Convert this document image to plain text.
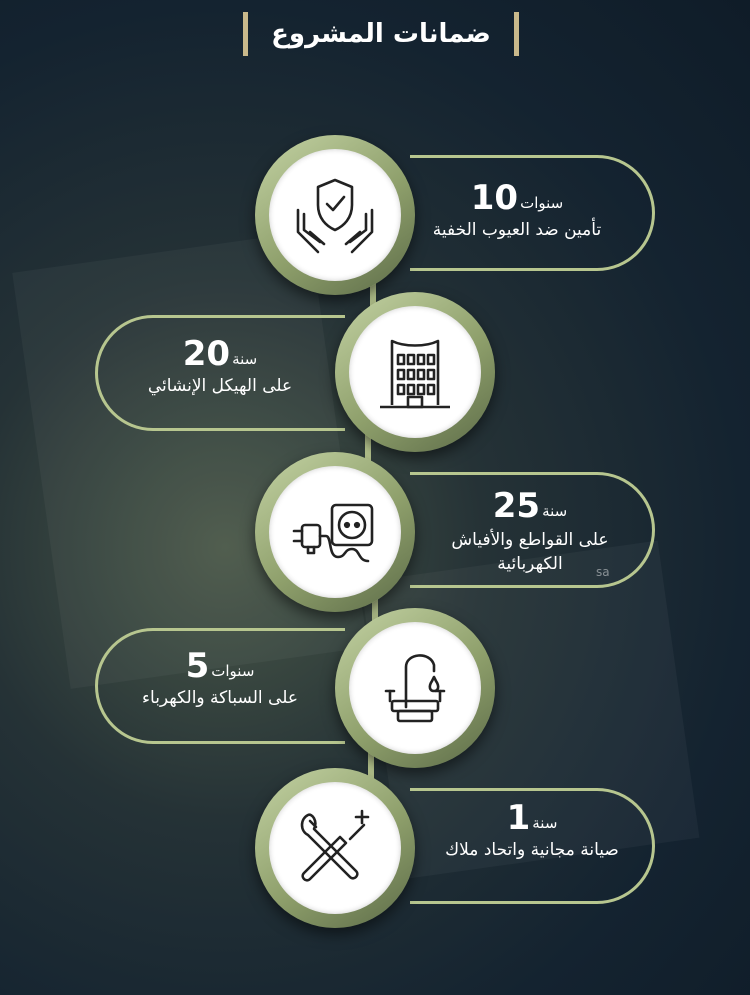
ضمانات المشروع
سنوات
10
تأمين ضد العيوب الخفية
سنة
20
على الهيكل الإنشائي
سنة
25
على القواطع والأفياش الكهربائية	sa
سنوات
5
على السباكة والكهرباء
سنة
1
صيانة مجانية واتحاد ملاك
